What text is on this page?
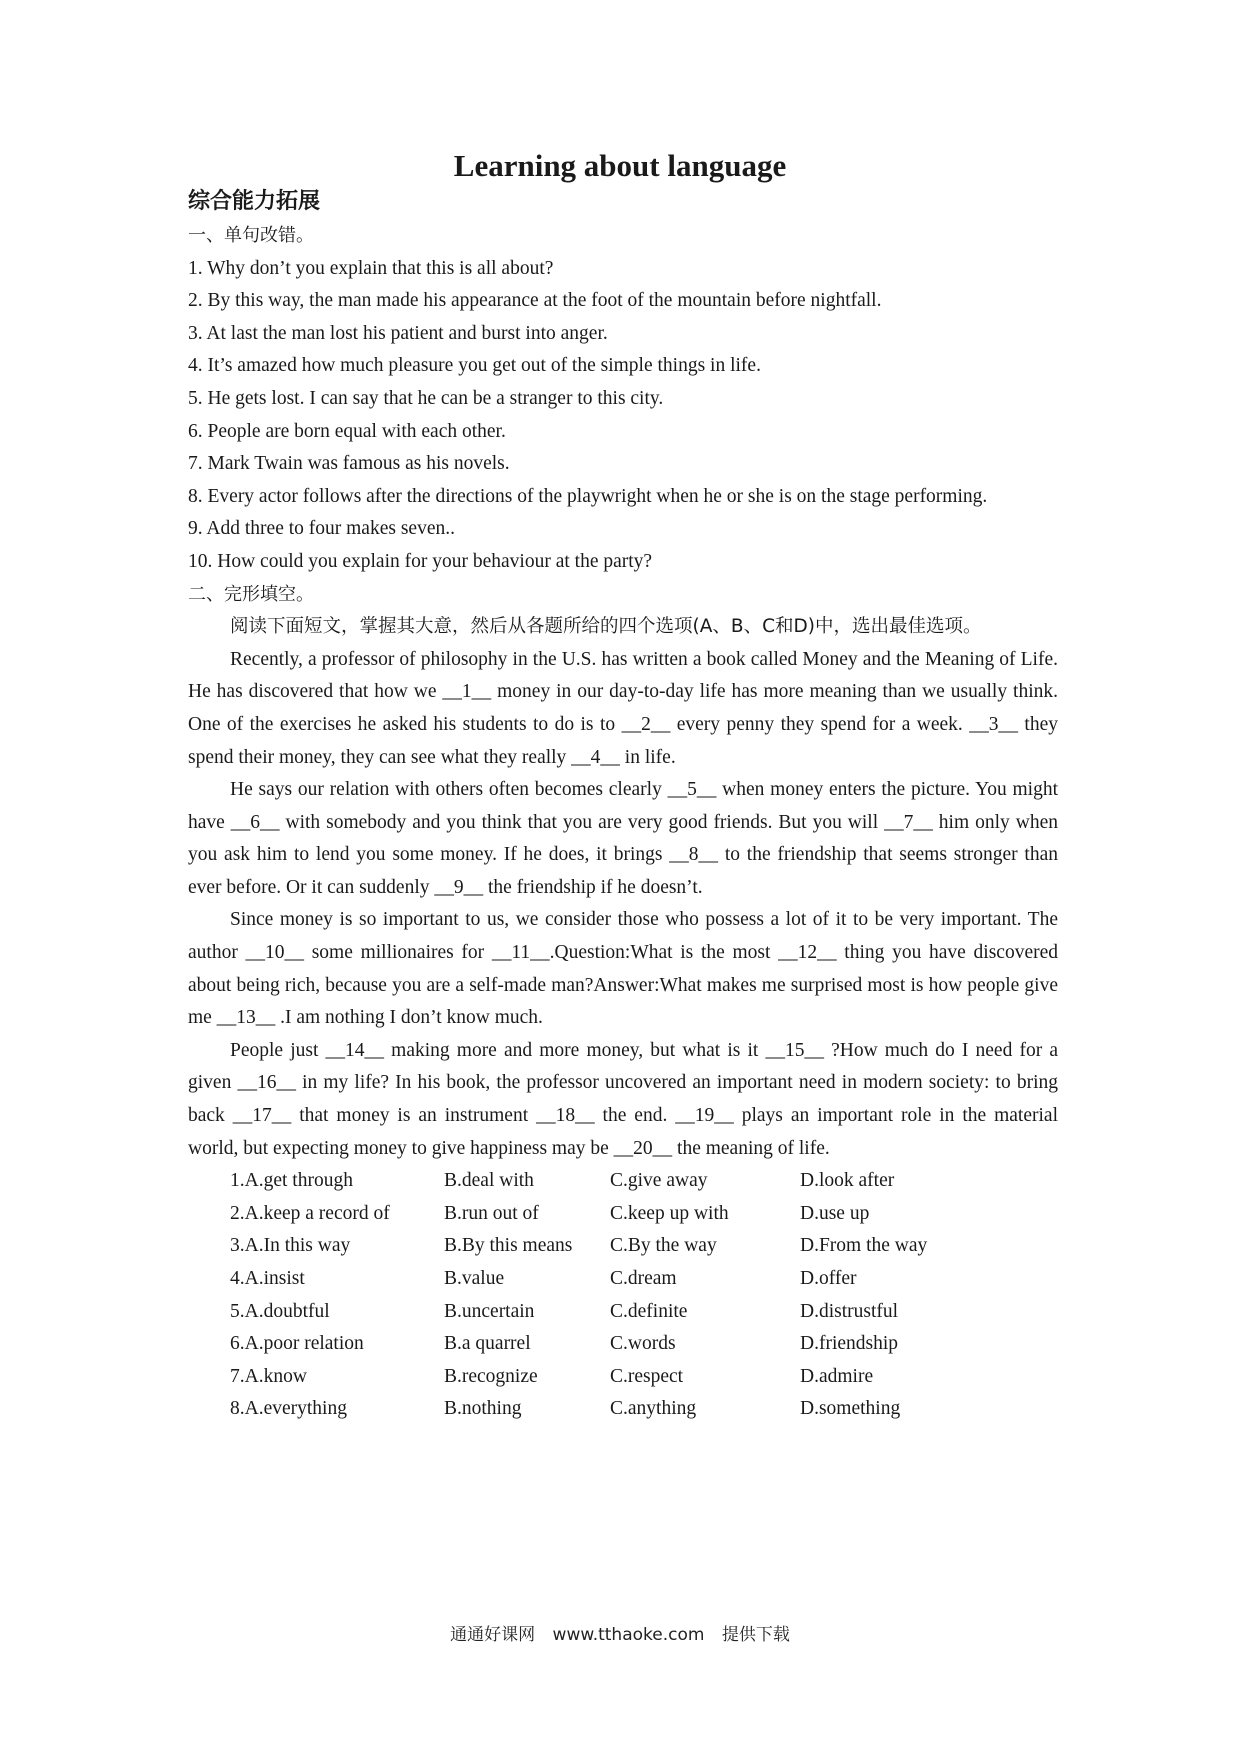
Learning about language

综合能力拓展

一、单句改错。

1. Why don’t you explain that this is all about?

2. By this way, the man made his appearance at the foot of the mountain before nightfall.

3. At last the man lost his patient and burst into anger.

4. It’s amazed how much pleasure you get out of the simple things in life.

5. He gets lost. I can say that he can be a stranger to this city.

6. People are born equal with each other.

7. Mark Twain was famous as his novels.

8. Every actor follows after the directions of the playwright when he or she is on the stage performing.

9. Add three to four makes seven..

10. How could you explain for your behaviour at the party?

二、完形填空。

阅读下面短文，掌握其大意，然后从各题所给的四个选项(A、B、C和D)中，选出最佳选项。

Recently, a professor of philosophy in the U.S. has written a book called Money and the Meaning of Life. He has discovered that how we __1__ money in our day-to-day life has more meaning than we usually think. One of the exercises he asked his students to do is to __2__ every penny they spend for a week. __3__ they spend their money, they can see what they really __4__ in life.

He says our relation with others often becomes clearly __5__ when money enters the picture. You might have __6__ with somebody and you think that you are very good friends. But you will __7__ him only when you ask him to lend you some money. If he does, it brings __8__ to the friendship that seems stronger than ever before. Or it can suddenly __9__ the friendship if he doesn’t.

Since money is so important to us, we consider those who possess a lot of it to be very important. The author __10__ some millionaires for __11__.Question:What is the most __12__ thing you have discovered about being rich, because you are a self-made man?Answer:What makes me surprised most is how people give me __13__ .I am nothing I don’t know much.

People just __14__ making more and more money, but what is it __15__ ?How much do I need for a given __16__ in my life? In his book, the professor uncovered an important need in modern society: to bring back __17__ that money is an instrument __18__ the end. __19__ plays an important role in the material world, but expecting money to give happiness may be __20__ the meaning of life.

1.A.get through	B.deal with	C.give away	D.look after
2.A.keep a record of	B.run out of	C.keep up with	D.use up
3.A.In this way	B.By this means	C.By the way	D.From the way
4.A.insist	B.value	C.dream	D.offer
5.A.doubtful	B.uncertain	C.definite	D.distrustful
6.A.poor relation	B.a quarrel	C.words	D.friendship
7.A.know	B.recognize	C.respect	D.admire
8.A.everything	B.nothing	C.anything	D.something
通通好课网 www.tthaoke.com 提供下载
